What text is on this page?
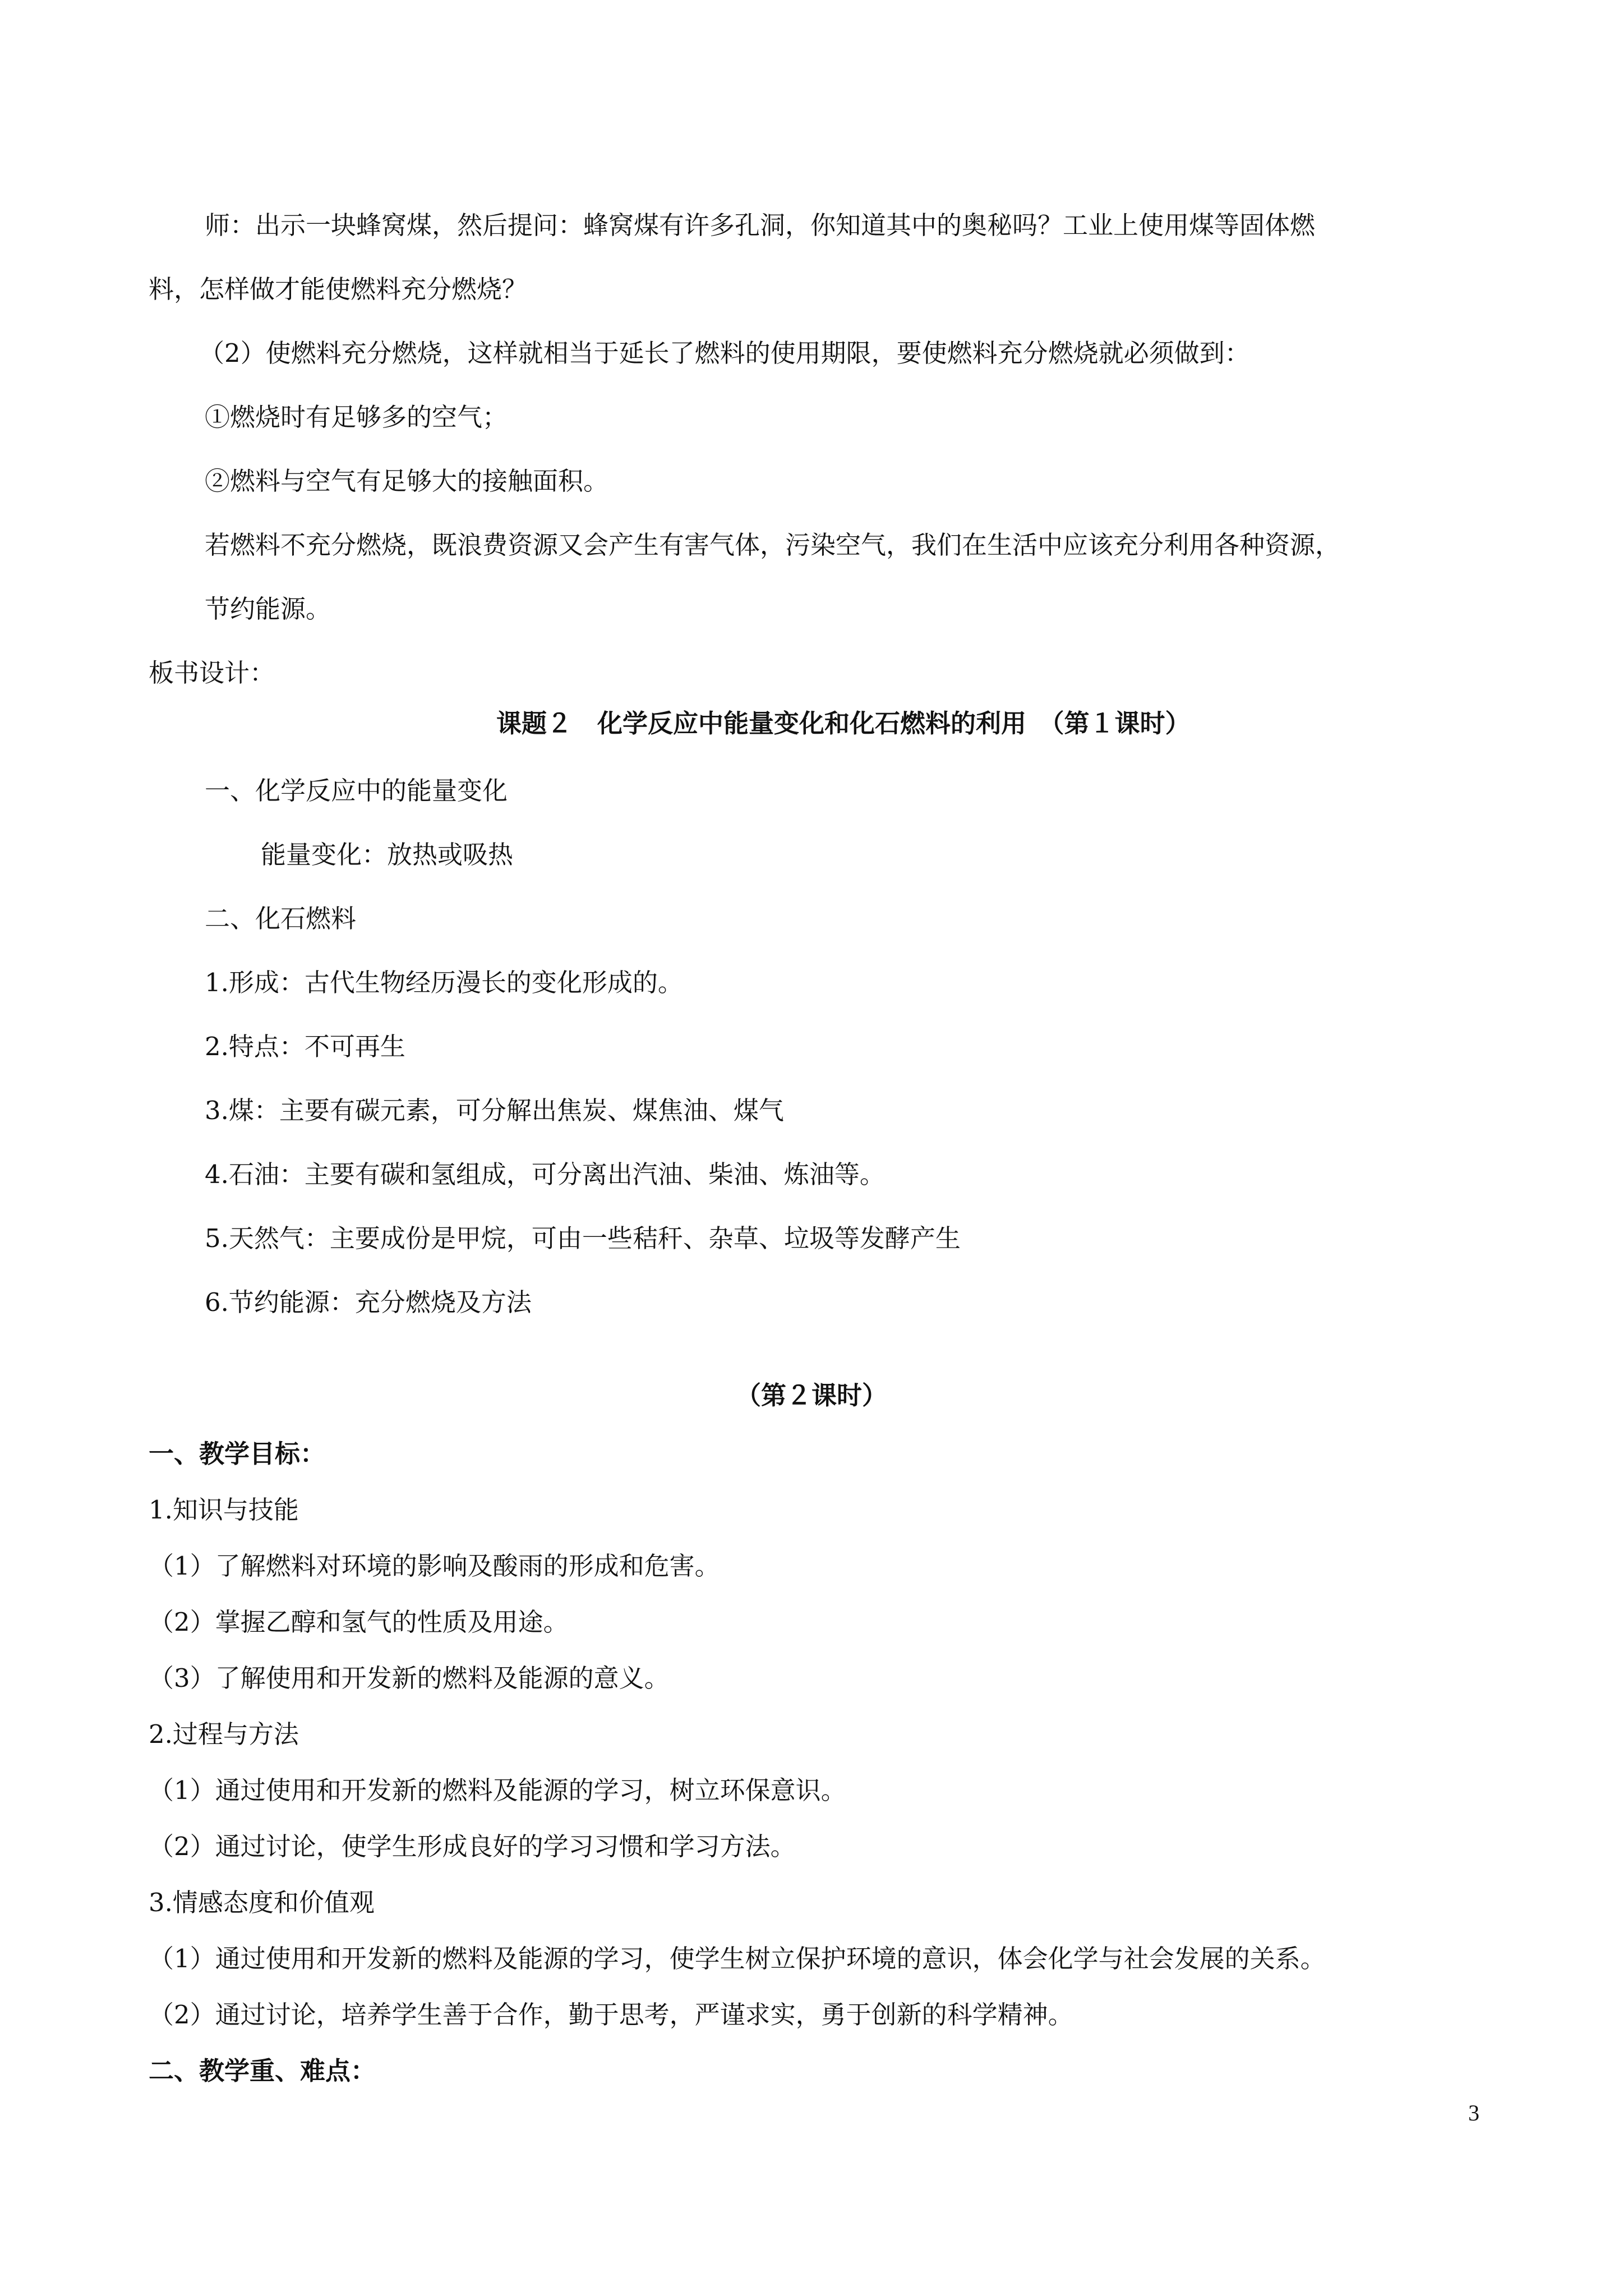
师：出示一块蜂窝煤，然后提问：蜂窝煤有许多孔洞，你知道其中的奥秘吗？工业上使用煤等固体燃
料，怎样做才能使燃料充分燃烧？
（2）使燃料充分燃烧，这样就相当于延长了燃料的使用期限，要使燃料充分燃烧就必须做到：
①燃烧时有足够多的空气；
②燃料与空气有足够大的接触面积。
若燃料不充分燃烧，既浪费资源又会产生有害气体，污染空气，我们在生活中应该充分利用各种资源，
节约能源。
板书设计：
课题２　化学反应中能量变化和化石燃料的利用　（第１课时）
一、化学反应中的能量变化
能量变化：放热或吸热
二、化石燃料
1.形成：古代生物经历漫长的变化形成的。
2.特点：不可再生
3.煤：主要有碳元素，可分解出焦炭、煤焦油、煤气
4.石油：主要有碳和氢组成，可分离出汽油、柴油、炼油等。
5.天然气：主要成份是甲烷，可由一些秸秆、杂草、垃圾等发酵产生
6.节约能源：充分燃烧及方法
（第２课时）
一、教学目标：
1.知识与技能
（1）了解燃料对环境的影响及酸雨的形成和危害。
（2）掌握乙醇和氢气的性质及用途。
（3）了解使用和开发新的燃料及能源的意义。
2.过程与方法
（1）通过使用和开发新的燃料及能源的学习，树立环保意识。
（2）通过讨论，使学生形成良好的学习习惯和学习方法。
3.情感态度和价值观
（1）通过使用和开发新的燃料及能源的学习，使学生树立保护环境的意识，体会化学与社会发展的关系。
（2）通过讨论，培养学生善于合作，勤于思考，严谨求实，勇于创新的科学精神。
二、教学重、难点：
3
